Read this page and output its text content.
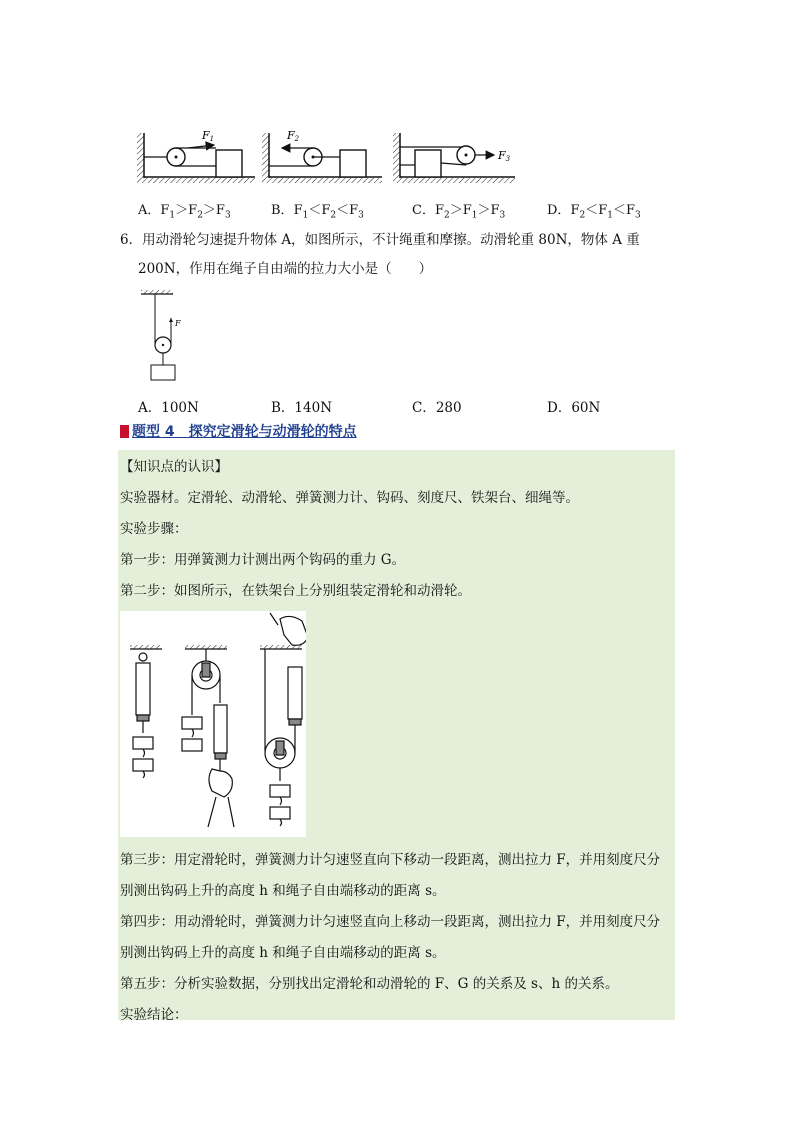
F1	F2
F3
A．$F_1>F_2>F_3$	B．$F_1<F_2<F_3$	C．$F_2>F_1>F_3$	D．$F_2<F_1<F_3$
6．用动滑轮匀速提升物体 A，如图所示，不计绳重和摩擦。动滑轮重 80N，物体 A 重
200N，作用在绳子自由端的拉力大小是（　　）
F
A．100N	B．140N	C．280	D．60N
题型 4　探究定滑轮与动滑轮的特点
【知识点的认识】
实验器材。定滑轮、动滑轮、弹簧测力计、钩码、刻度尺、铁架台、细绳等。
实验步骤：
第一步：用弹簧测力计测出两个钩码的重力 G。
第二步：如图所示，在铁架台上分别组装定滑轮和动滑轮。
第三步：用定滑轮时，弹簧测力计匀速竖直向下移动一段距离，测出拉力 F，并用刻度尺分
别测出钩码上升的高度 h 和绳子自由端移动的距离 s。
第四步：用动滑轮时，弹簧测力计匀速竖直向上移动一段距离，测出拉力 F，并用刻度尺分
别测出钩码上升的高度 h 和绳子自由端移动的距离 s。
第五步：分析实验数据，分别找出定滑轮和动滑轮的 F、G 的关系及 s、h 的关系。
实验结论：
